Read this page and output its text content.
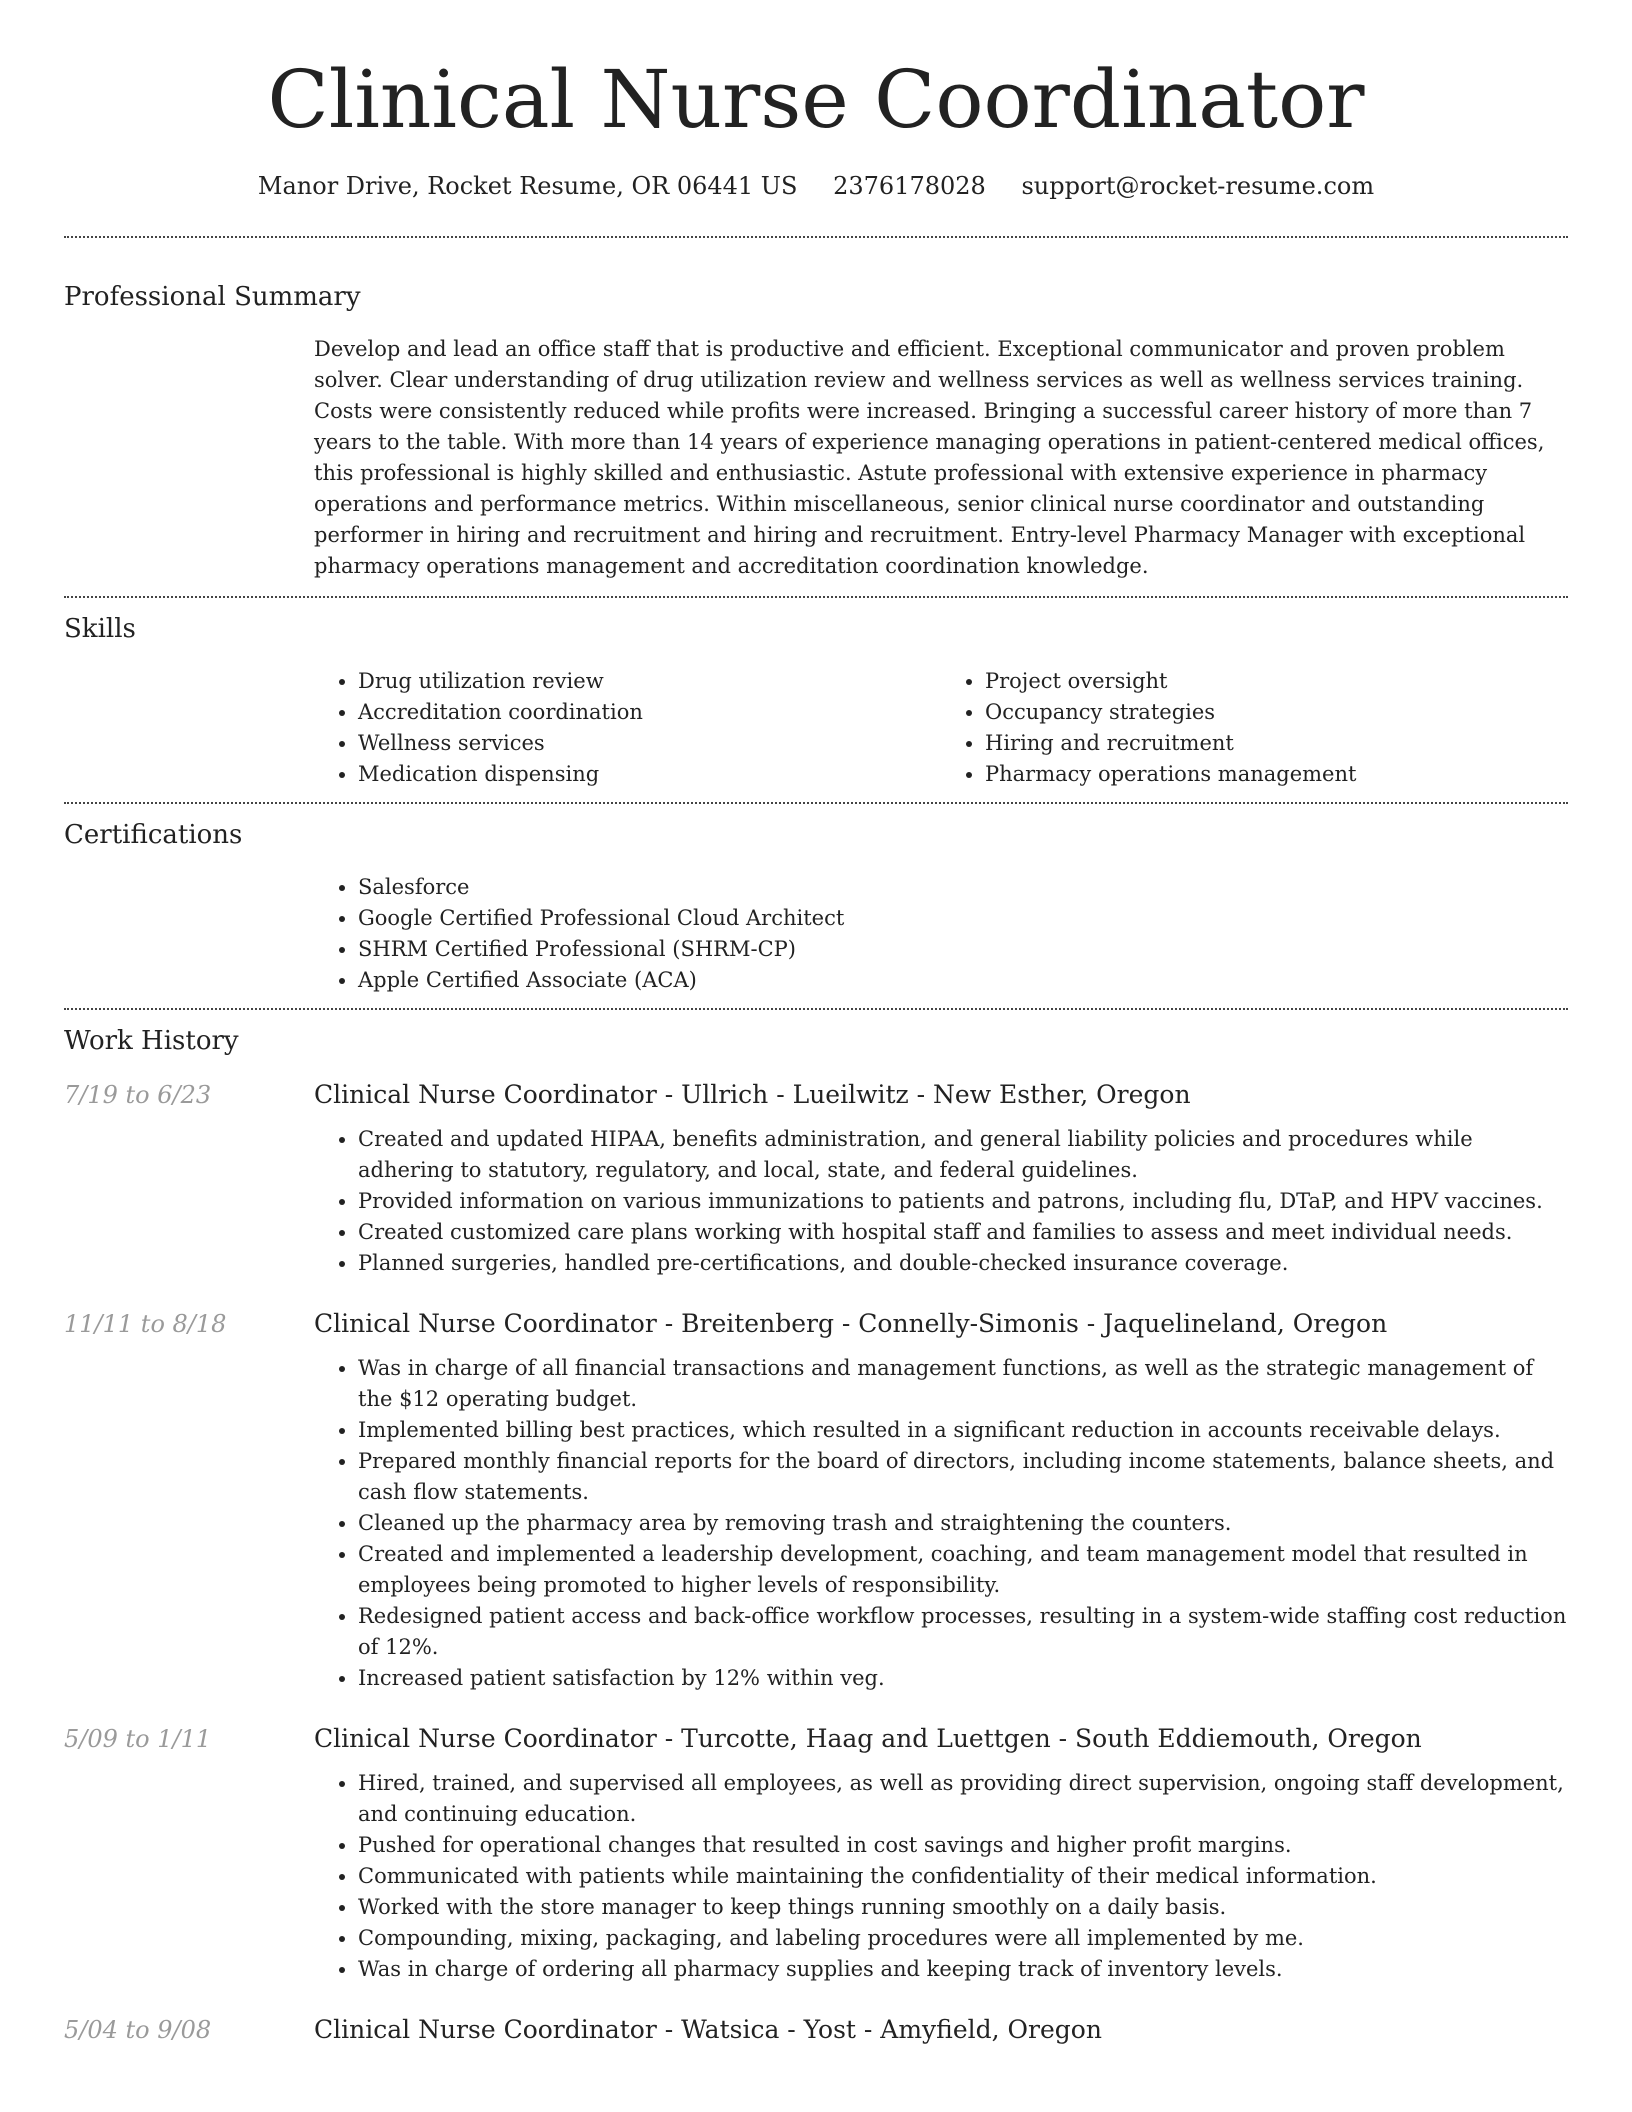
Clinical Nurse Coordinator
Manor Drive, Rocket Resume, OR 06441 US 2376178028 support@rocket-resume.com
Professional Summary
Develop and lead an office staff that is productive and efficient. Exceptional communicator and proven problem solver. Clear understanding of drug utilization review and wellness services as well as wellness services training. Costs were consistently reduced while profits were increased. Bringing a successful career history of more than 7 years to the table. With more than 14 years of experience managing operations in patient-centered medical offices, this professional is highly skilled and enthusiastic. Astute professional with extensive experience in pharmacy operations and performance metrics. Within miscellaneous, senior clinical nurse coordinator and outstanding performer in hiring and recruitment and hiring and recruitment. Entry-level Pharmacy Manager with exceptional pharmacy operations management and accreditation coordination knowledge.
Skills
• Drug utilization review
• Accreditation coordination
• Wellness services
• Medication dispensing
• Project oversight
• Occupancy strategies
• Hiring and recruitment
• Pharmacy operations management
Certifications
• Salesforce
• Google Certified Professional Cloud Architect
• SHRM Certified Professional (SHRM-CP)
• Apple Certified Associate (ACA)
Work History
7/19 to 6/23	Clinical Nurse Coordinator - Ullrich - Lueilwitz - New Esther, Oregon
• Created and updated HIPAA, benefits administration, and general liability policies and procedures while adhering to statutory, regulatory, and local, state, and federal guidelines.
• Provided information on various immunizations to patients and patrons, including flu, DTaP, and HPV vaccines.
• Created customized care plans working with hospital staff and families to assess and meet individual needs.
• Planned surgeries, handled pre-certifications, and double-checked insurance coverage.
11/11 to 8/18	Clinical Nurse Coordinator - Breitenberg - Connelly-Simonis - Jaquelineland, Oregon
• Was in charge of all financial transactions and management functions, as well as the strategic management of the $12 operating budget.
• Implemented billing best practices, which resulted in a significant reduction in accounts receivable delays.
• Prepared monthly financial reports for the board of directors, including income statements, balance sheets, and cash flow statements.
• Cleaned up the pharmacy area by removing trash and straightening the counters.
• Created and implemented a leadership development, coaching, and team management model that resulted in employees being promoted to higher levels of responsibility.
• Redesigned patient access and back-office workflow processes, resulting in a system-wide staffing cost reduction of 12%.
• Increased patient satisfaction by 12% within veg.
5/09 to 1/11	Clinical Nurse Coordinator - Turcotte, Haag and Luettgen - South Eddiemouth, Oregon
• Hired, trained, and supervised all employees, as well as providing direct supervision, ongoing staff development, and continuing education.
• Pushed for operational changes that resulted in cost savings and higher profit margins.
• Communicated with patients while maintaining the confidentiality of their medical information.
• Worked with the store manager to keep things running smoothly on a daily basis.
• Compounding, mixing, packaging, and labeling procedures were all implemented by me.
• Was in charge of ordering all pharmacy supplies and keeping track of inventory levels.
5/04 to 9/08	Clinical Nurse Coordinator - Watsica - Yost - Amyfield, Oregon
